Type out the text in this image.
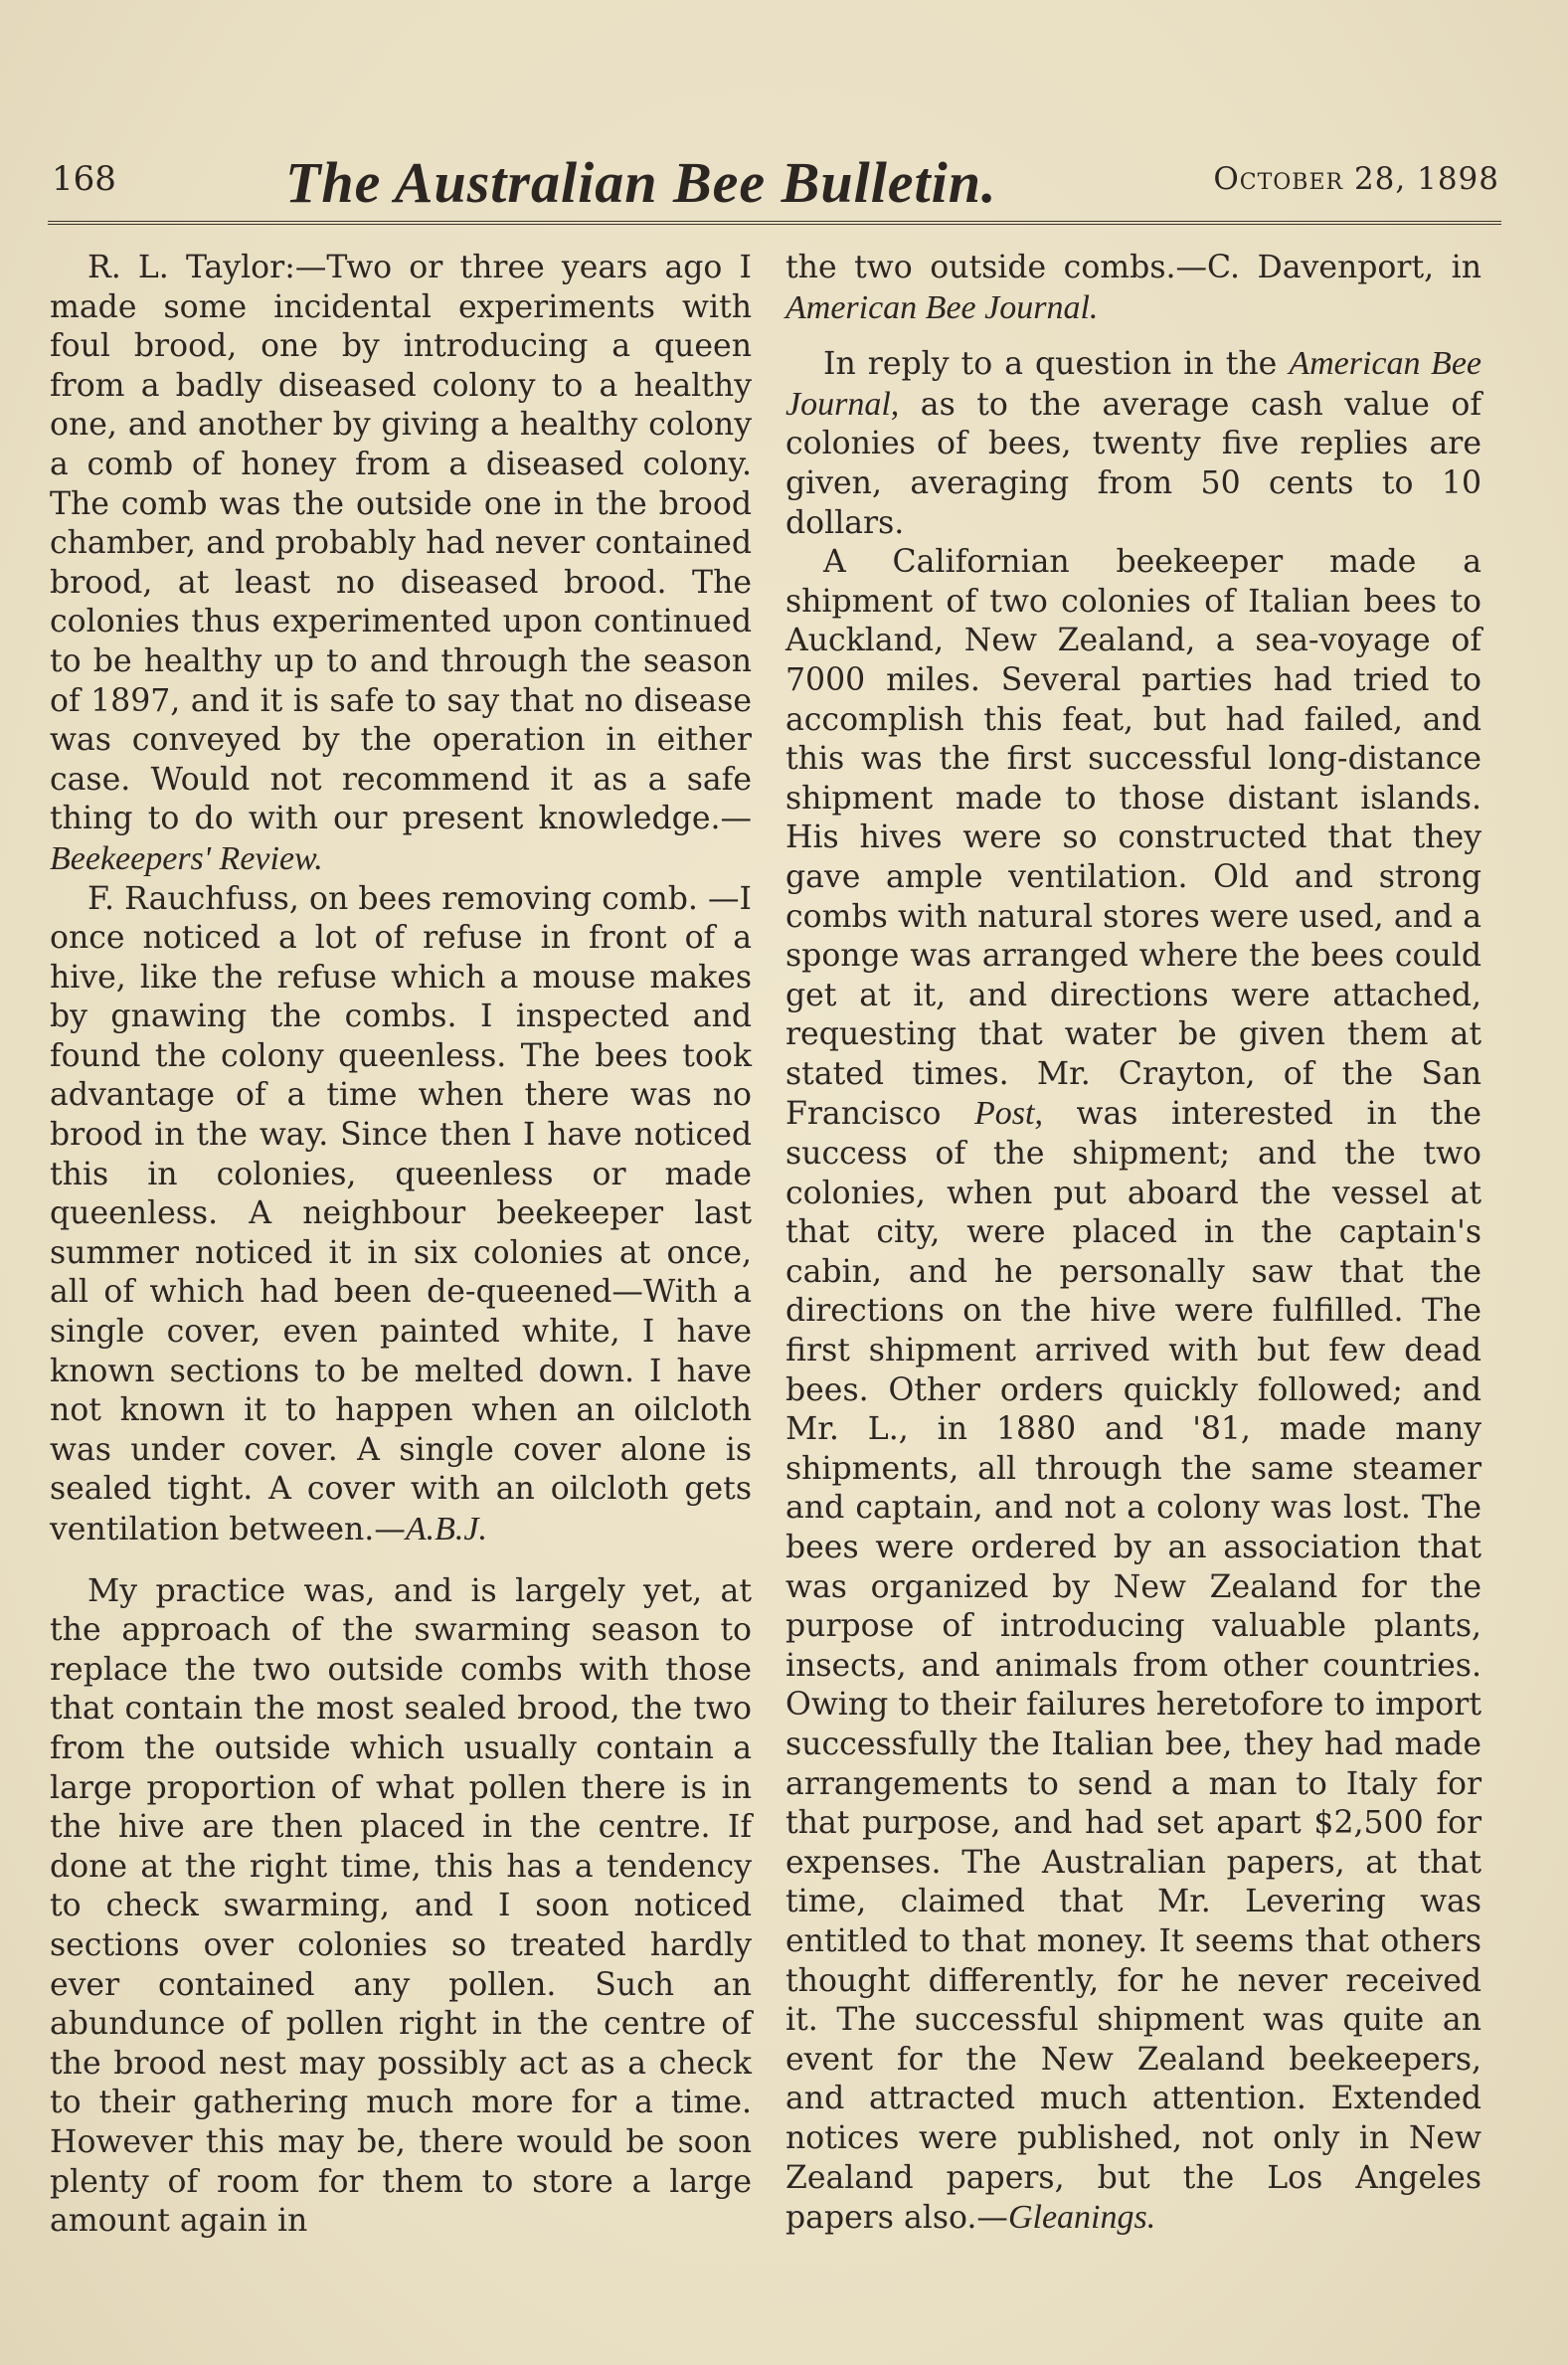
168	The Australian Bee Bulletin.	October 28, 1898

R. L. Taylor:—Two or three years ago I made some incidental experiments with foul brood, one by introducing a queen from a badly diseased colony to a healthy one, and another by giving a healthy colony a comb of honey from a diseased colony. The comb was the outside one in the brood chamber, and probably had never contained brood, at least no diseased brood. The colonies thus experimented upon continued to be healthy up to and through the season of 1897, and it is safe to say that no disease was conveyed by the operation in either case. Would not recommend it as a safe thing to do with our present knowledge.—Beekeepers' Review.

F. Rauchfuss, on bees removing comb. —I once noticed a lot of refuse in front of a hive, like the refuse which a mouse makes by gnawing the combs. I inspected and found the colony queenless. The bees took advantage of a time when there was no brood in the way. Since then I have noticed this in colonies, queenless or made queenless. A neighbour beekeeper last summer noticed it in six colonies at once, all of which had been de-queened—With a single cover, even painted white, I have known sections to be melted down. I have not known it to happen when an oilcloth was under cover. A single cover alone is sealed tight. A cover with an oilcloth gets ventilation between.—A.B.J.

My practice was, and is largely yet, at the approach of the swarming season to replace the two outside combs with those that contain the most sealed brood, the two from the outside which usually contain a large proportion of what pollen there is in the hive are then placed in the centre. If done at the right time, this has a tendency to check swarming, and I soon noticed sections over colonies so treated hardly ever contained any pollen. Such an abundunce of pollen right in the centre of the brood nest may possibly act as a check to their gathering much more for a time. However this may be, there would be soon plenty of room for them to store a large amount again in

the two outside combs.—C. Davenport, in American Bee Journal.

In reply to a question in the American Bee Journal, as to the average cash value of colonies of bees, twenty five replies are given, averaging from 50 cents to 10 dollars.

A Californian beekeeper made a shipment of two colonies of Italian bees to Auckland, New Zealand, a sea-voyage of 7000 miles. Several parties had tried to accomplish this feat, but had failed, and this was the first successful long-distance shipment made to those distant islands. His hives were so constructed that they gave ample ventilation. Old and strong combs with natural stores were used, and a sponge was arranged where the bees could get at it, and directions were attached, requesting that water be given them at stated times. Mr. Crayton, of the San Francisco Post, was interested in the success of the shipment; and the two colonies, when put aboard the vessel at that city, were placed in the captain's cabin, and he personally saw that the directions on the hive were fulfilled. The first shipment arrived with but few dead bees. Other orders quickly followed; and Mr. L., in 1880 and '81, made many shipments, all through the same steamer and captain, and not a colony was lost. The bees were ordered by an association that was organized by New Zealand for the purpose of introducing valuable plants, insects, and animals from other countries. Owing to their failures heretofore to import successfully the Italian bee, they had made arrangements to send a man to Italy for that purpose, and had set apart $2,500 for expenses. The Australian papers, at that time, claimed that Mr. Levering was entitled to that money. It seems that others thought differently, for he never received it. The successful shipment was quite an event for the New Zealand beekeepers, and attracted much attention. Extended notices were published, not only in New Zealand papers, but the Los Angeles papers also.—Gleanings.
